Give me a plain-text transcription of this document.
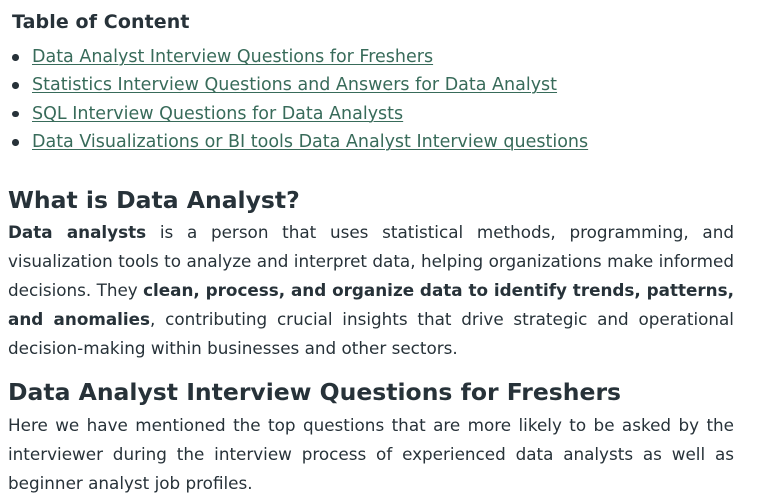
Table of Content
Data Analyst Interview Questions for Freshers
Statistics Interview Questions and Answers for Data Analyst
SQL Interview Questions for Data Analysts
Data Visualizations or BI tools Data Analyst Interview questions
What is Data Analyst?

Data analysts is a person that uses statistical methods, programming, and visualization tools to analyze and interpret data, helping organizations make informed decisions. They clean, process, and organize data to identify trends, patterns, and anomalies, contributing crucial insights that drive strategic and operational decision-making within businesses and other sectors.

Data Analyst Interview Questions for Freshers

Here we have mentioned the top questions that are more likely to be asked by the interviewer during the interview process of experienced data analysts as well as beginner analyst job profiles.
